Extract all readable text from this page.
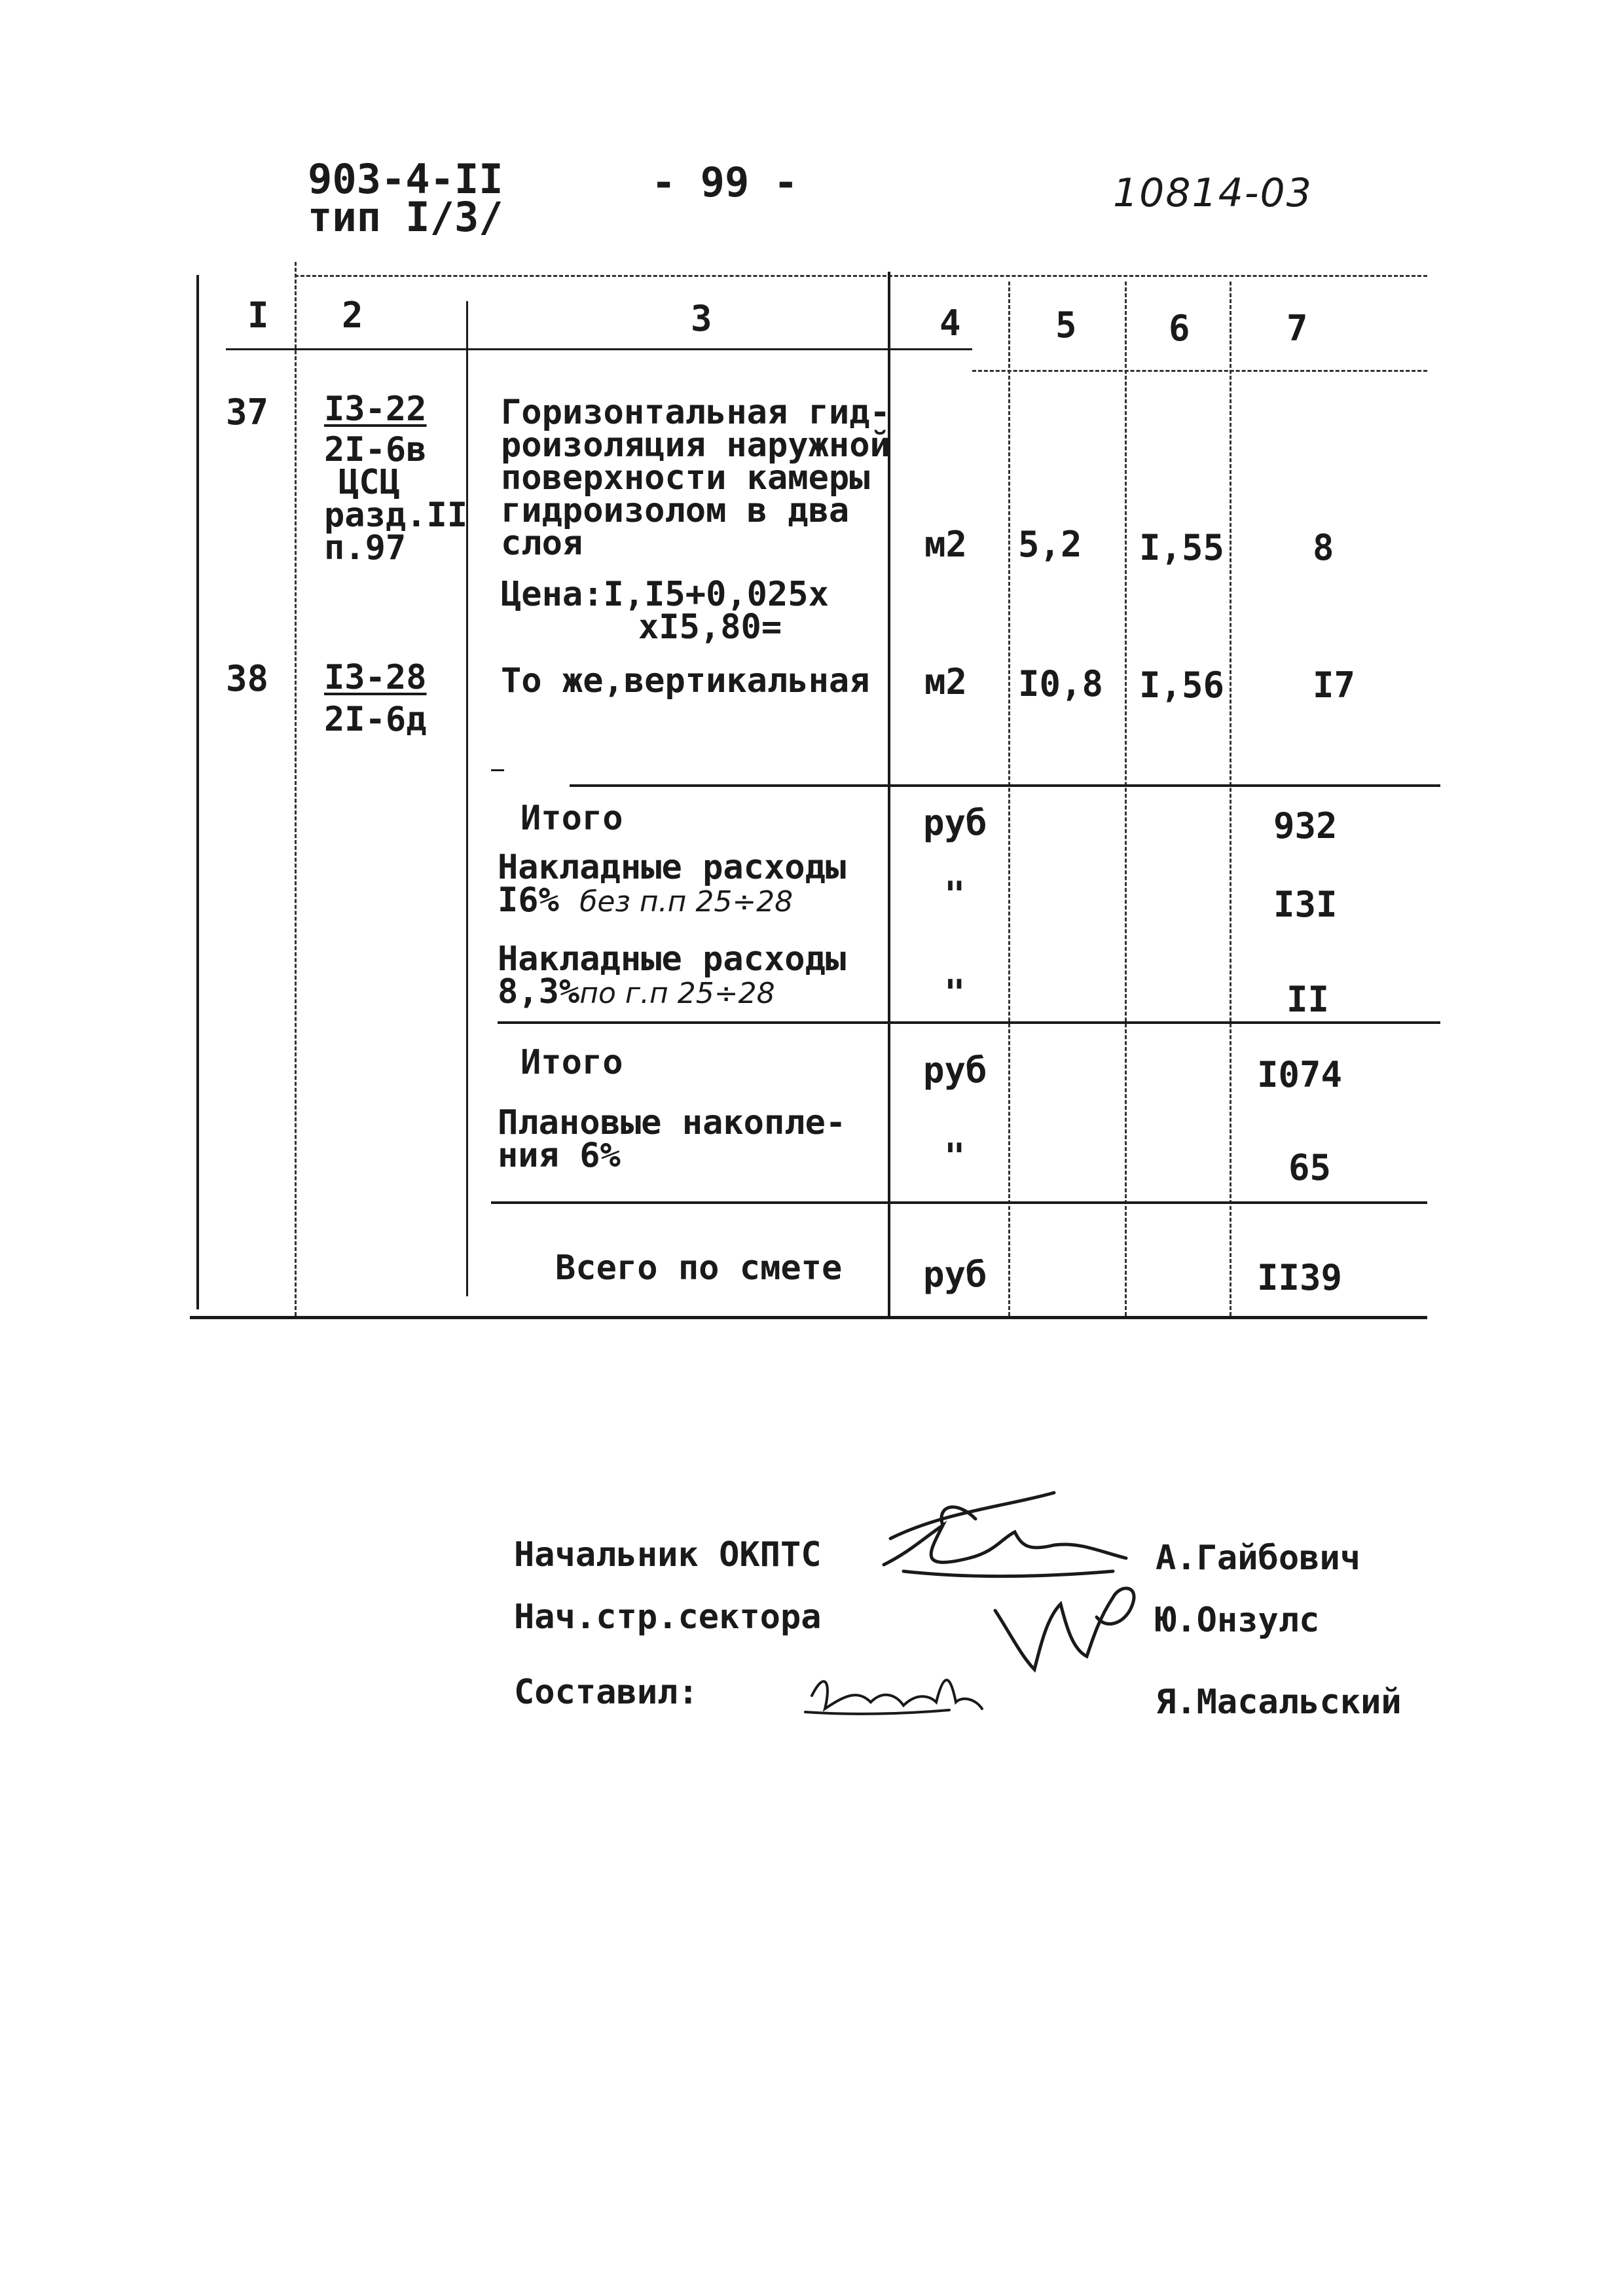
903-4-II
тип I/3/
- 99 -	10814-03
I 2	3	4	5	6	7
37 I3-22
2I-6в
ЦСЦ
разд.II
п.97
Горизонтальная гид-
роизоляция наружной
поверхности камеры
гидроизолом в два
слоя
Цена:I,I5+0,025х
хI5,80=
м2 5,2 I,55 8
38 I3-28
2I-6д
То же,вертикальная м2 I0,8 I,56 I7
Итого	руб	932
Накладные расходы
I6% без п.п 25÷28	"	I3I
Накладные расходы
8,3%по г.п 25÷28	"	II
Итого	руб	I074
Плановые накопле-
ния 6%	"	65
Всего по смете руб	II39
Начальник ОКПТС	А.Гайбович
Нач.стр.сектора	Ю.Онзулс
Составил:	Я.Масальский
